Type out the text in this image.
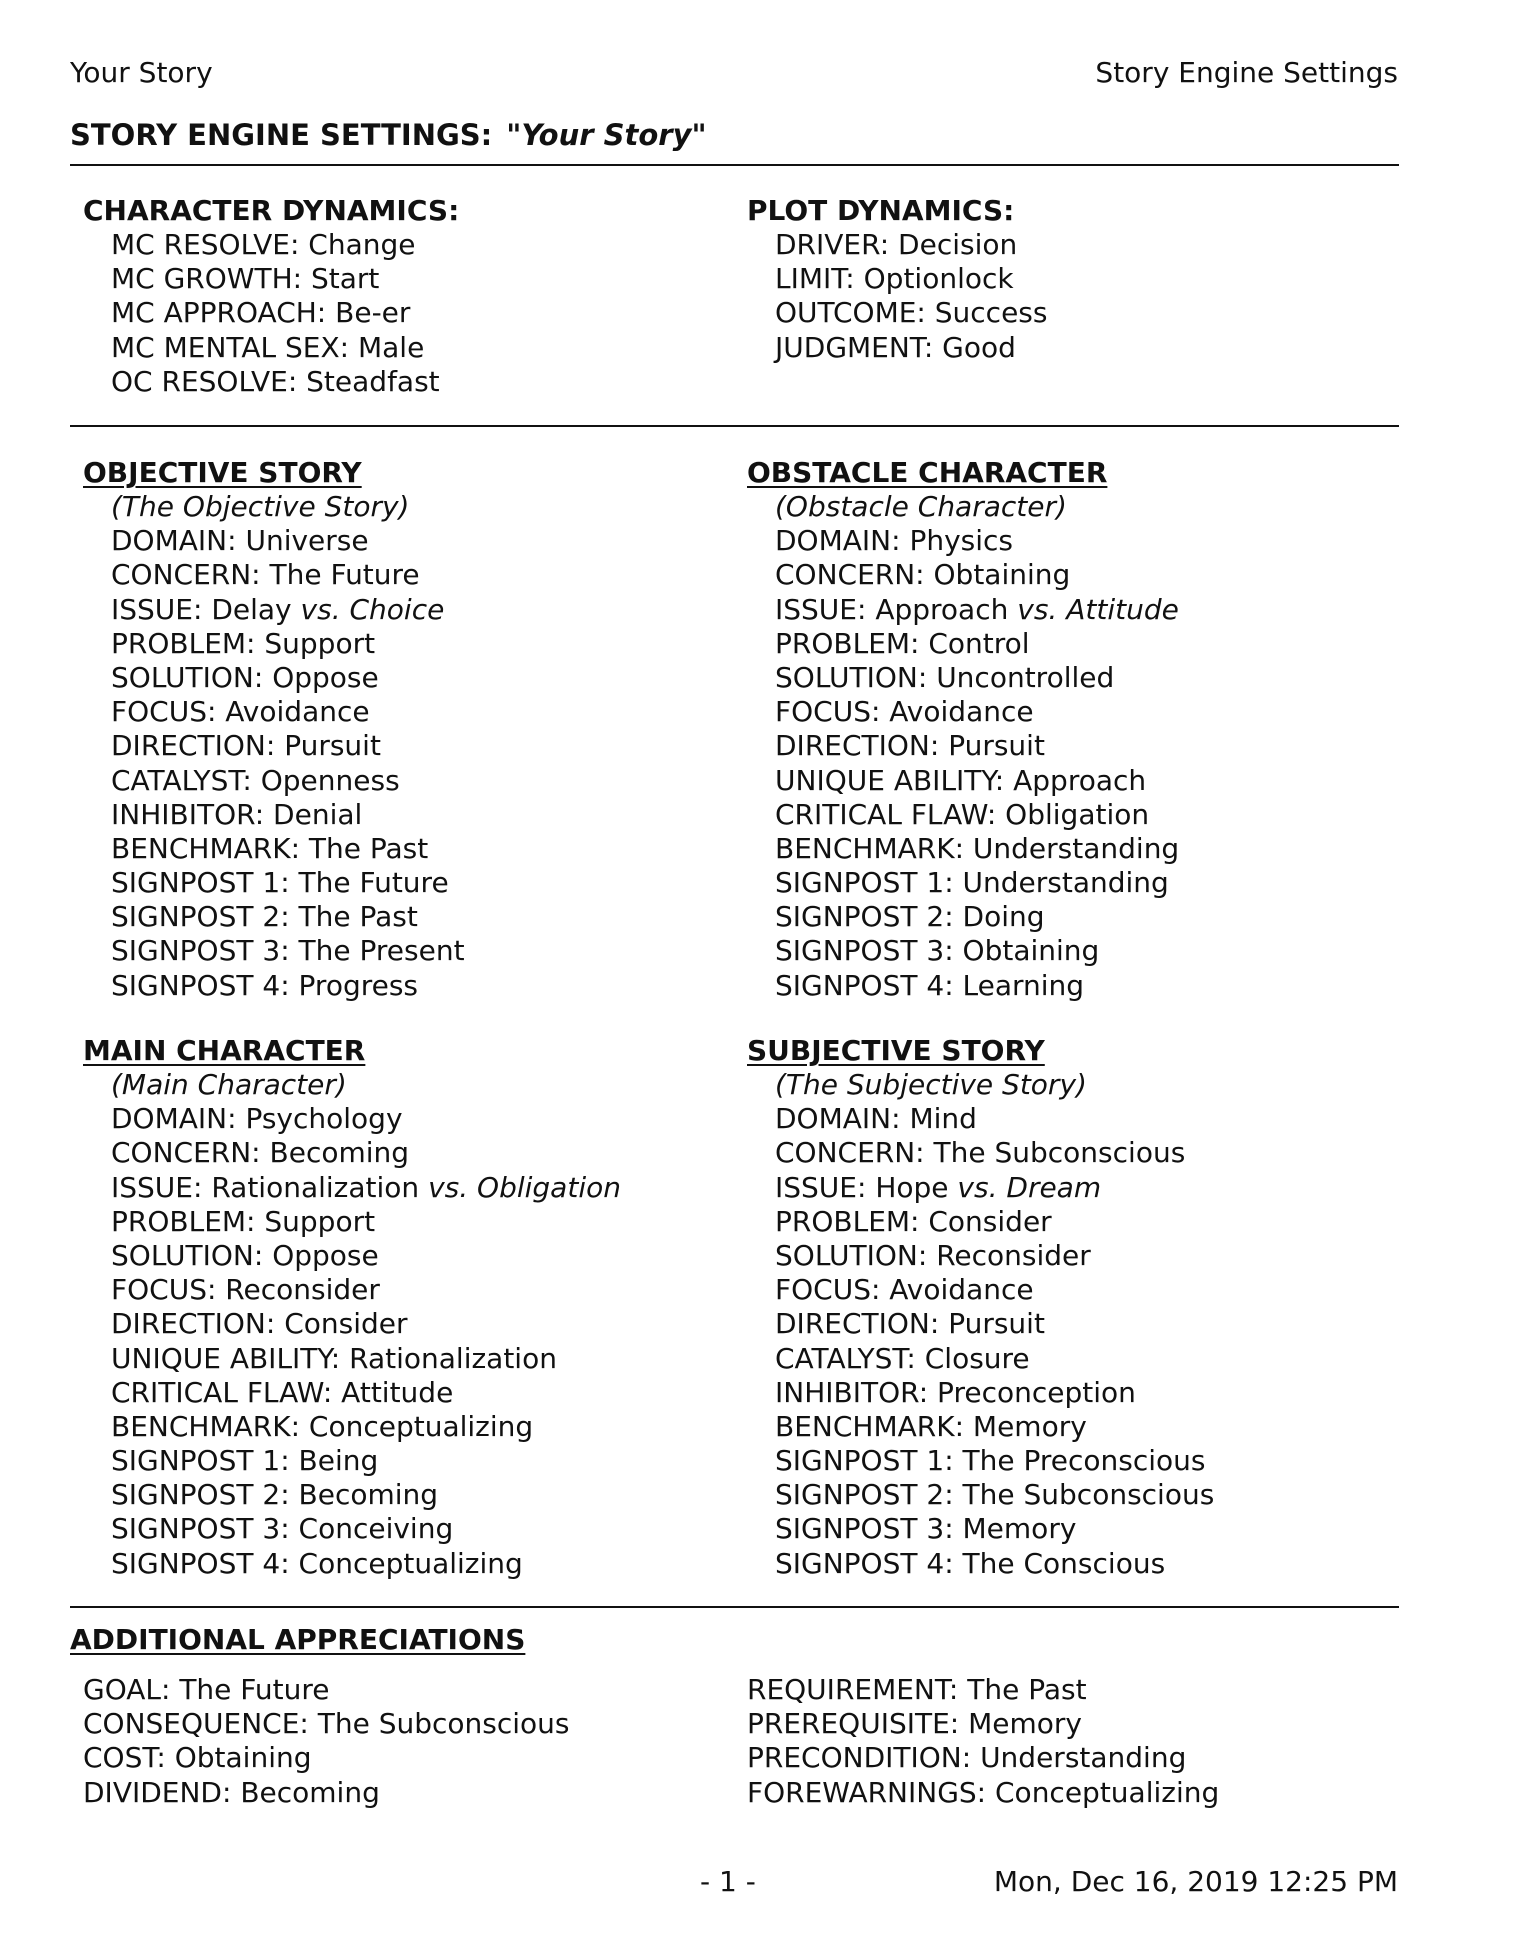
Your Story	Story Engine Settings
STORY ENGINE SETTINGS: "Your Story"
CHARACTER DYNAMICS:
MC RESOLVE: Change
MC GROWTH: Start
MC APPROACH: Be-er
MC MENTAL SEX: Male
OC RESOLVE: Steadfast
PLOT DYNAMICS:
DRIVER: Decision
LIMIT: Optionlock
OUTCOME: Success
JUDGMENT: Good
OBJECTIVE STORY
(The Objective Story)
DOMAIN: Universe
CONCERN: The Future
ISSUE: Delay vs. Choice
PROBLEM: Support
SOLUTION: Oppose
FOCUS: Avoidance
DIRECTION: Pursuit
CATALYST: Openness
INHIBITOR: Denial
BENCHMARK: The Past
SIGNPOST 1: The Future
SIGNPOST 2: The Past
SIGNPOST 3: The Present
SIGNPOST 4: Progress
OBSTACLE CHARACTER
(Obstacle Character)
DOMAIN: Physics
CONCERN: Obtaining
ISSUE: Approach vs. Attitude
PROBLEM: Control
SOLUTION: Uncontrolled
FOCUS: Avoidance
DIRECTION: Pursuit
UNIQUE ABILITY: Approach
CRITICAL FLAW: Obligation
BENCHMARK: Understanding
SIGNPOST 1: Understanding
SIGNPOST 2: Doing
SIGNPOST 3: Obtaining
SIGNPOST 4: Learning
MAIN CHARACTER
(Main Character)
DOMAIN: Psychology
CONCERN: Becoming
ISSUE: Rationalization vs. Obligation
PROBLEM: Support
SOLUTION: Oppose
FOCUS: Reconsider
DIRECTION: Consider
UNIQUE ABILITY: Rationalization
CRITICAL FLAW: Attitude
BENCHMARK: Conceptualizing
SIGNPOST 1: Being
SIGNPOST 2: Becoming
SIGNPOST 3: Conceiving
SIGNPOST 4: Conceptualizing
SUBJECTIVE STORY
(The Subjective Story)
DOMAIN: Mind
CONCERN: The Subconscious
ISSUE: Hope vs. Dream
PROBLEM: Consider
SOLUTION: Reconsider
FOCUS: Avoidance
DIRECTION: Pursuit
CATALYST: Closure
INHIBITOR: Preconception
BENCHMARK: Memory
SIGNPOST 1: The Preconscious
SIGNPOST 2: The Subconscious
SIGNPOST 3: Memory
SIGNPOST 4: The Conscious
ADDITIONAL APPRECIATIONS
GOAL: The Future
CONSEQUENCE: The Subconscious
COST: Obtaining
DIVIDEND: Becoming
REQUIREMENT: The Past
PREREQUISITE: Memory
PRECONDITION: Understanding
FOREWARNINGS: Conceptualizing
- 1 -	Mon, Dec 16, 2019 12:25 PM
